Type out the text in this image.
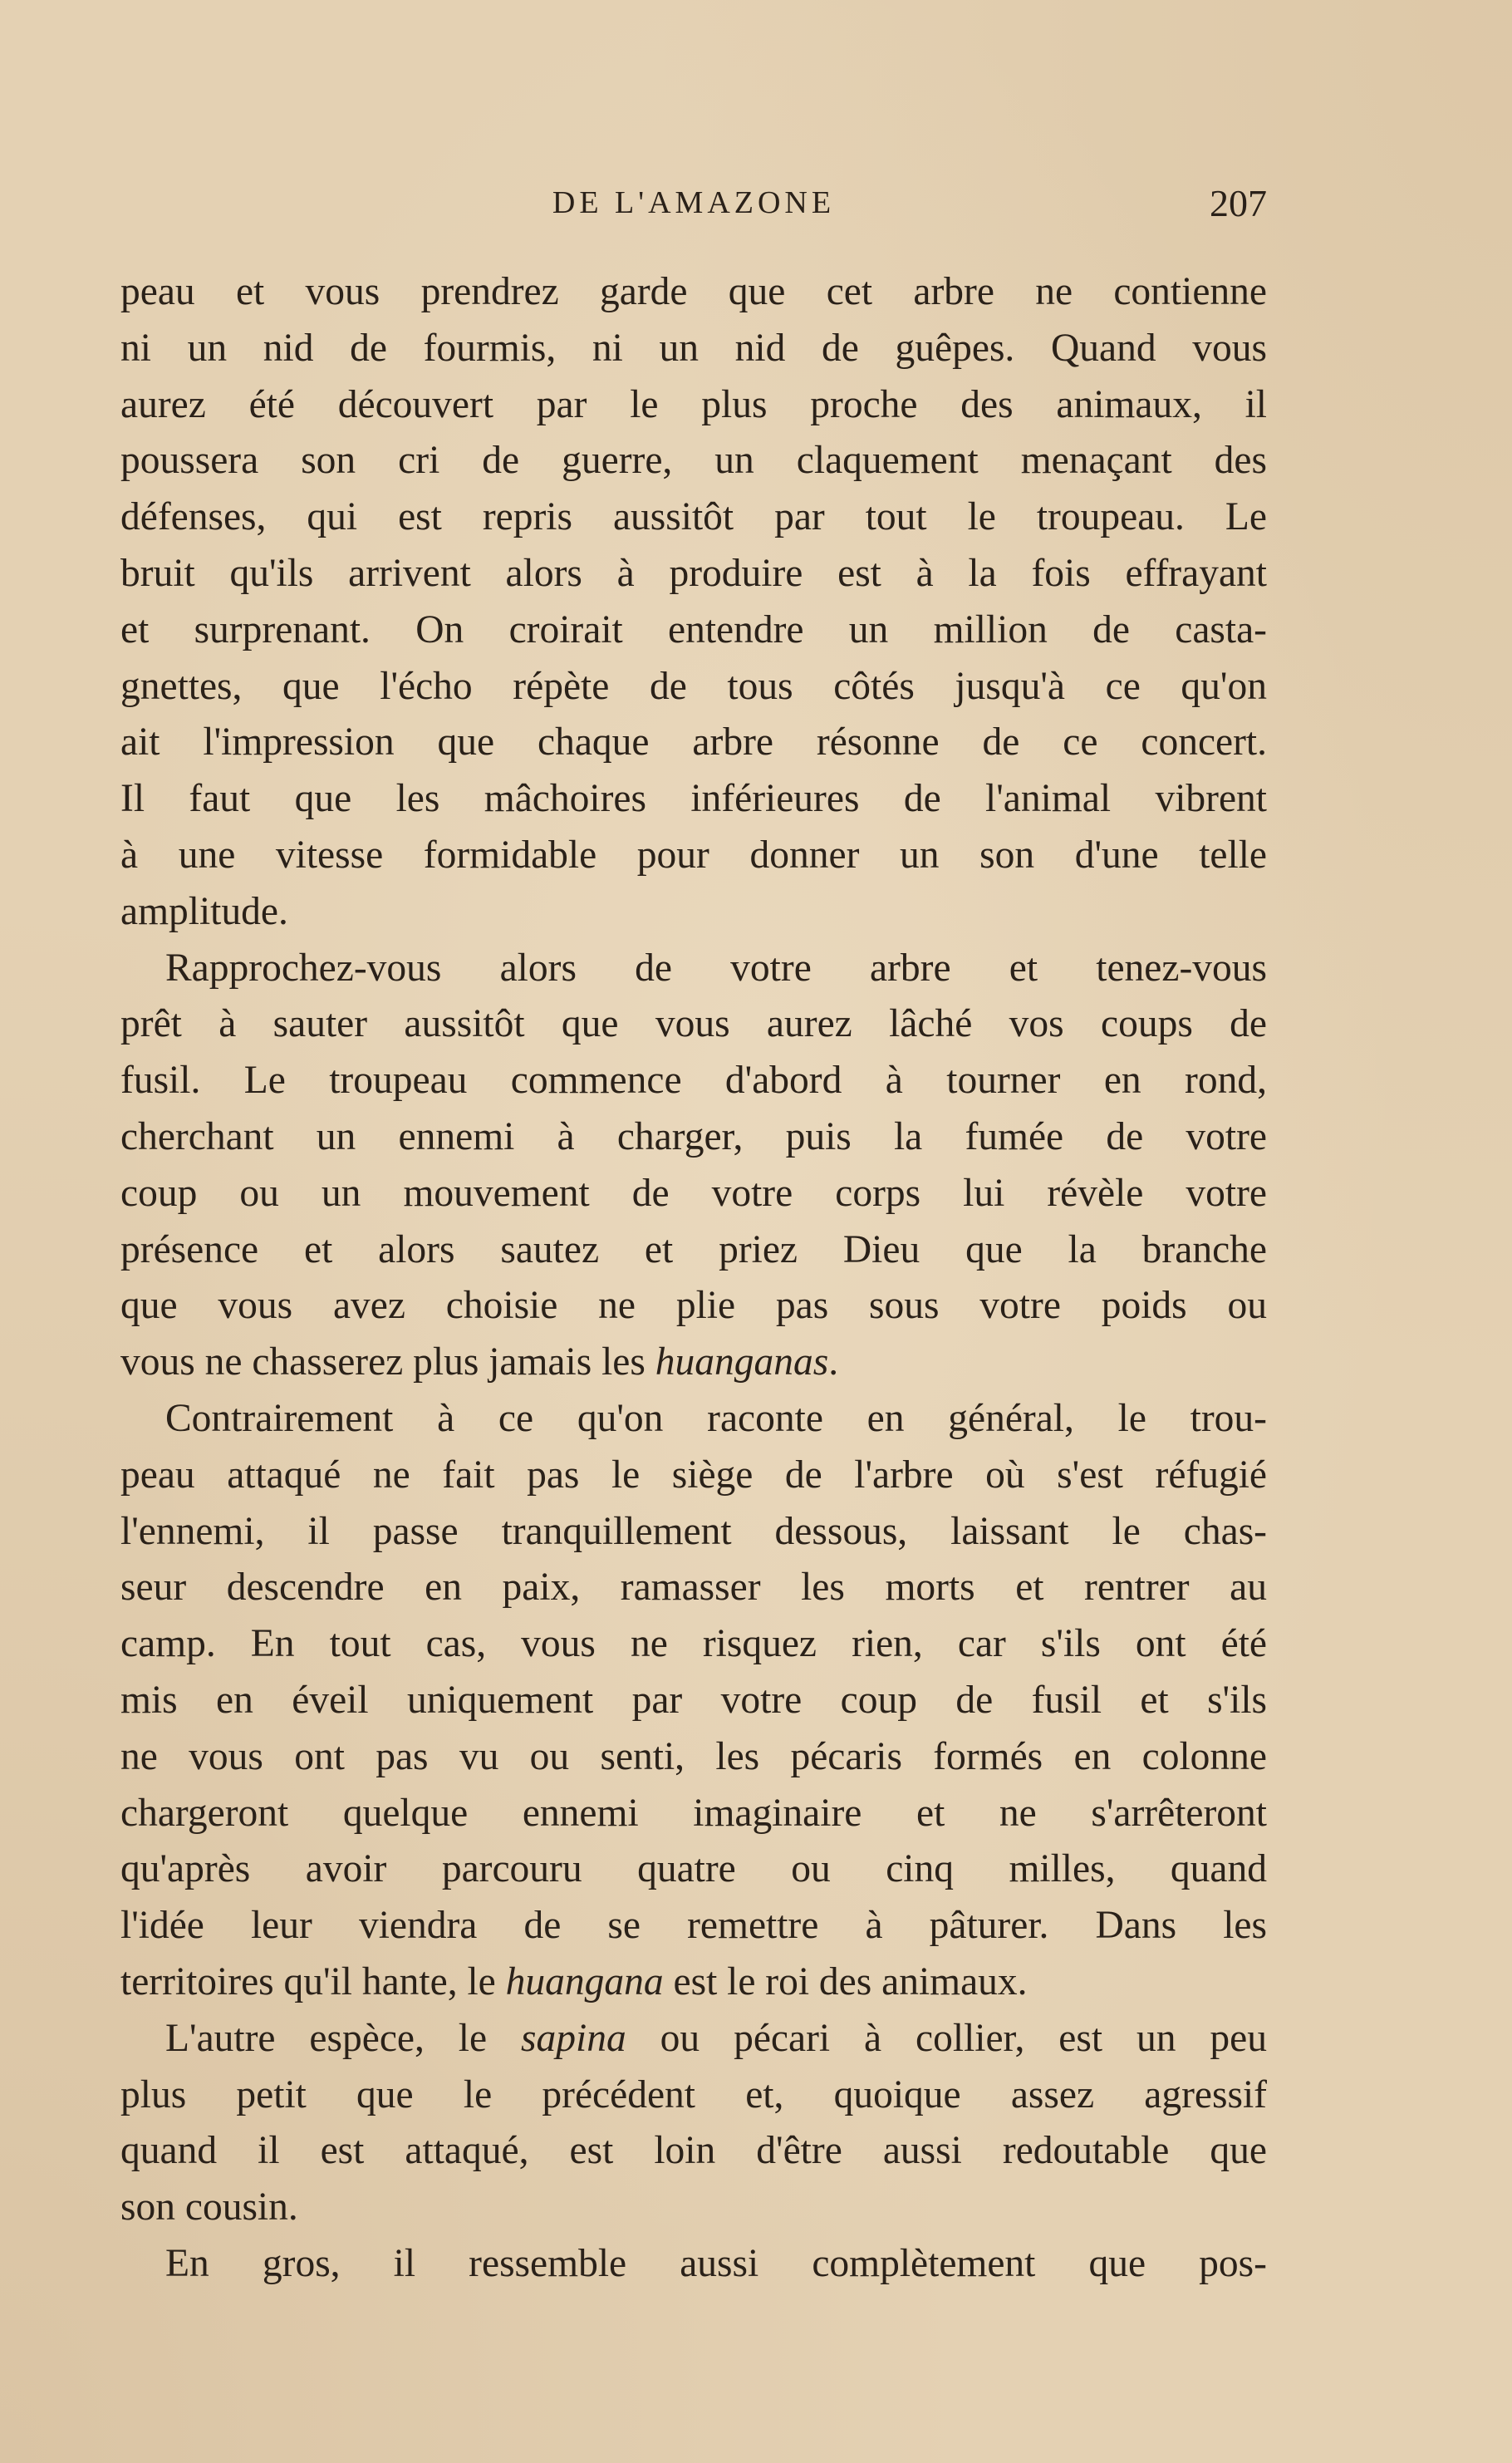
DE L'AMAZONE	207
peau et vous prendrez garde que cet arbre ne contienne
ni un nid de fourmis, ni un nid de guêpes. Quand vous
aurez été découvert par le plus proche des animaux, il
poussera son cri de guerre, un claquement menaçant des
défenses, qui est repris aussitôt par tout le troupeau. Le
bruit qu'ils arrivent alors à produire est à la fois effrayant
et surprenant. On croirait entendre un million de casta-
gnettes, que l'écho répète de tous côtés jusqu'à ce qu'on
ait l'impression que chaque arbre résonne de ce concert.
Il faut que les mâchoires inférieures de l'animal vibrent
à une vitesse formidable pour donner un son d'une telle
amplitude.
Rapprochez-vous alors de votre arbre et tenez-vous
prêt à sauter aussitôt que vous aurez lâché vos coups de
fusil. Le troupeau commence d'abord à tourner en rond,
cherchant un ennemi à charger, puis la fumée de votre
coup ou un mouvement de votre corps lui révèle votre
présence et alors sautez et priez Dieu que la branche
que vous avez choisie ne plie pas sous votre poids ou
vous ne chasserez plus jamais les huanganas.
Contrairement à ce qu'on raconte en général, le trou-
peau attaqué ne fait pas le siège de l'arbre où s'est réfugié
l'ennemi, il passe tranquillement dessous, laissant le chas-
seur descendre en paix, ramasser les morts et rentrer au
camp. En tout cas, vous ne risquez rien, car s'ils ont été
mis en éveil uniquement par votre coup de fusil et s'ils
ne vous ont pas vu ou senti, les pécaris formés en colonne
chargeront quelque ennemi imaginaire et ne s'arrêteront
qu'après avoir parcouru quatre ou cinq milles, quand
l'idée leur viendra de se remettre à pâturer. Dans les
territoires qu'il hante, le huangana est le roi des animaux.
L'autre espèce, le sapina ou pécari à collier, est un peu
plus petit que le précédent et, quoique assez agressif
quand il est attaqué, est loin d'être aussi redoutable que
son cousin.
En gros, il ressemble aussi complètement que pos-
